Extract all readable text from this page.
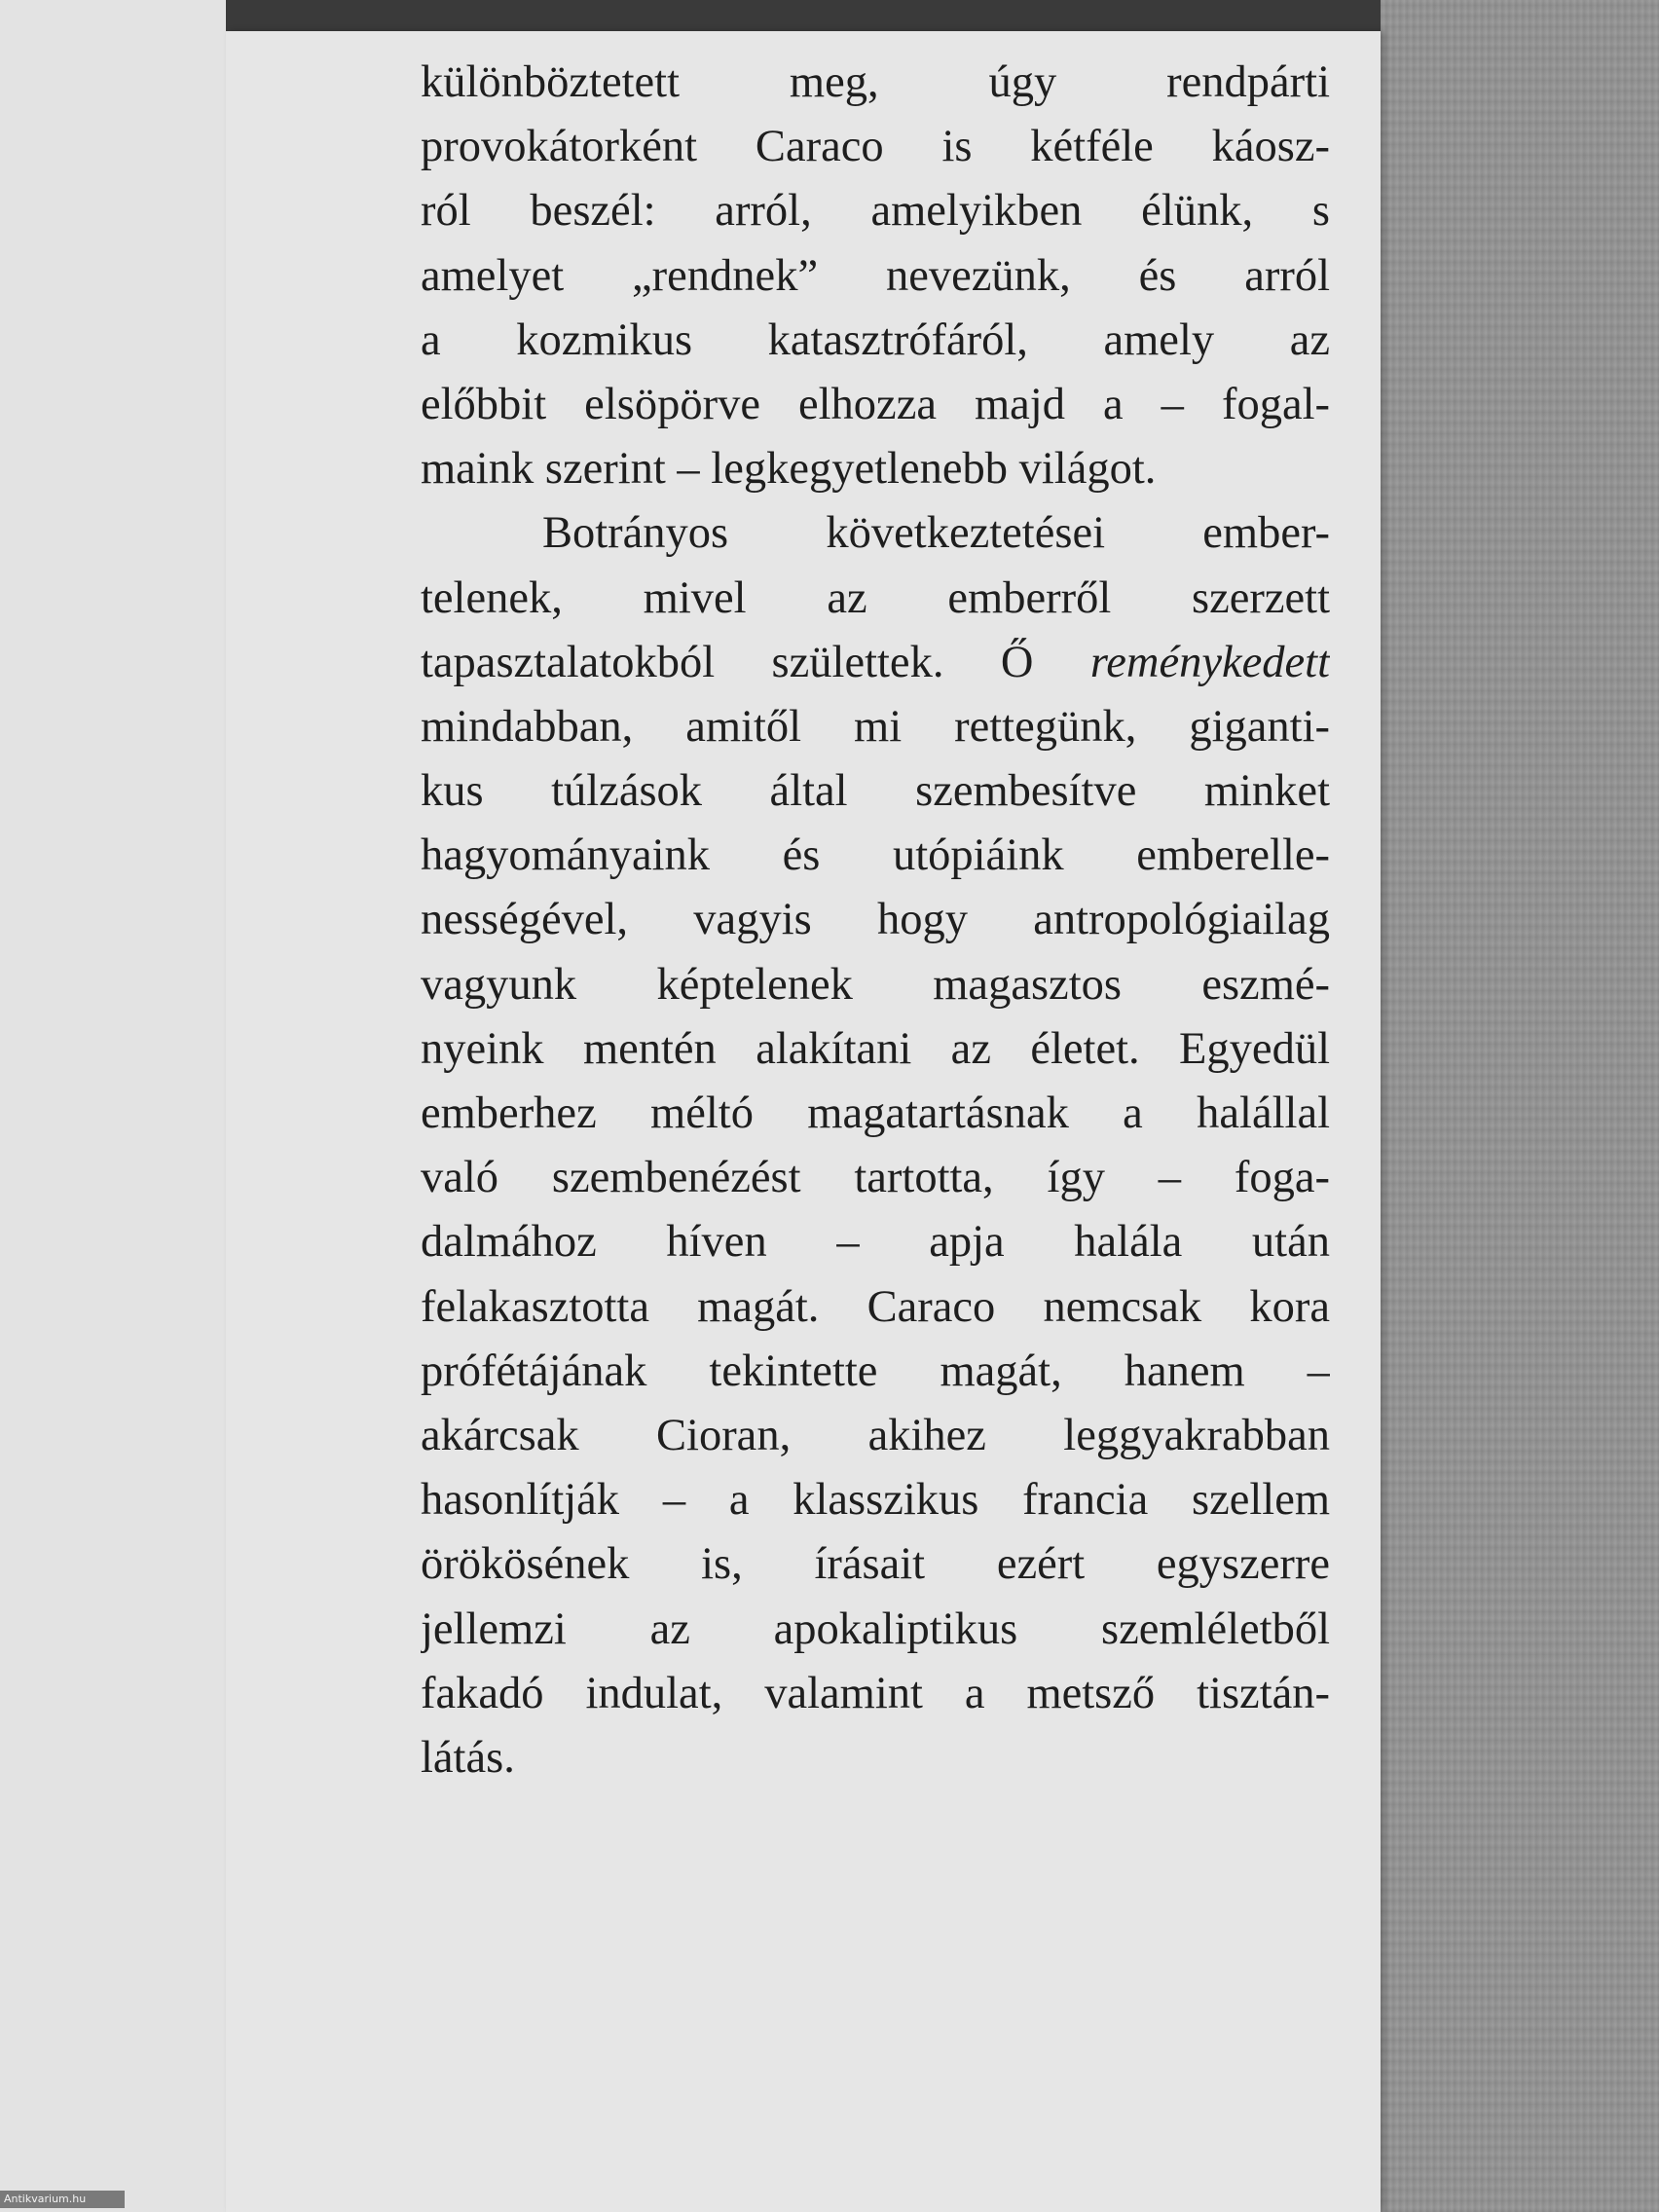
különböztetett meg, úgy rendpárti
provokátorként Caraco is kétféle káosz-
ról beszél: arról, amelyikben élünk, s
amelyet „rendnek” nevezünk, és arról
a kozmikus katasztrófáról, amely az
előbbit elsöpörve elhozza majd a – fogal-
maink szerint – legkegyetlenebb világot.
Botrányos következtetései ember-
telenek, mivel az emberről szerzett
tapasztalatokból születtek. Ő reménykedett
mindabban, amitől mi rettegünk, giganti-
kus túlzások által szembesítve minket
hagyományaink és utópiáink emberelle-
nességével, vagyis hogy antropológiailag
vagyunk képtelenek magasztos eszmé-
nyeink mentén alakítani az életet. Egyedül
emberhez méltó magatartásnak a halállal
való szembenézést tartotta, így – foga-
dalmához híven – apja halála után
felakasztotta magát. Caraco nemcsak kora
prófétájának tekintette magát, hanem –
akárcsak Cioran, akihez leggyakrabban
hasonlítják – a klasszikus francia szellem
örökösének is, írásait ezért egyszerre
jellemzi az apokaliptikus szemléletből
fakadó indulat, valamint a metsző tisztán-
látás.
Antikvarium.hu
